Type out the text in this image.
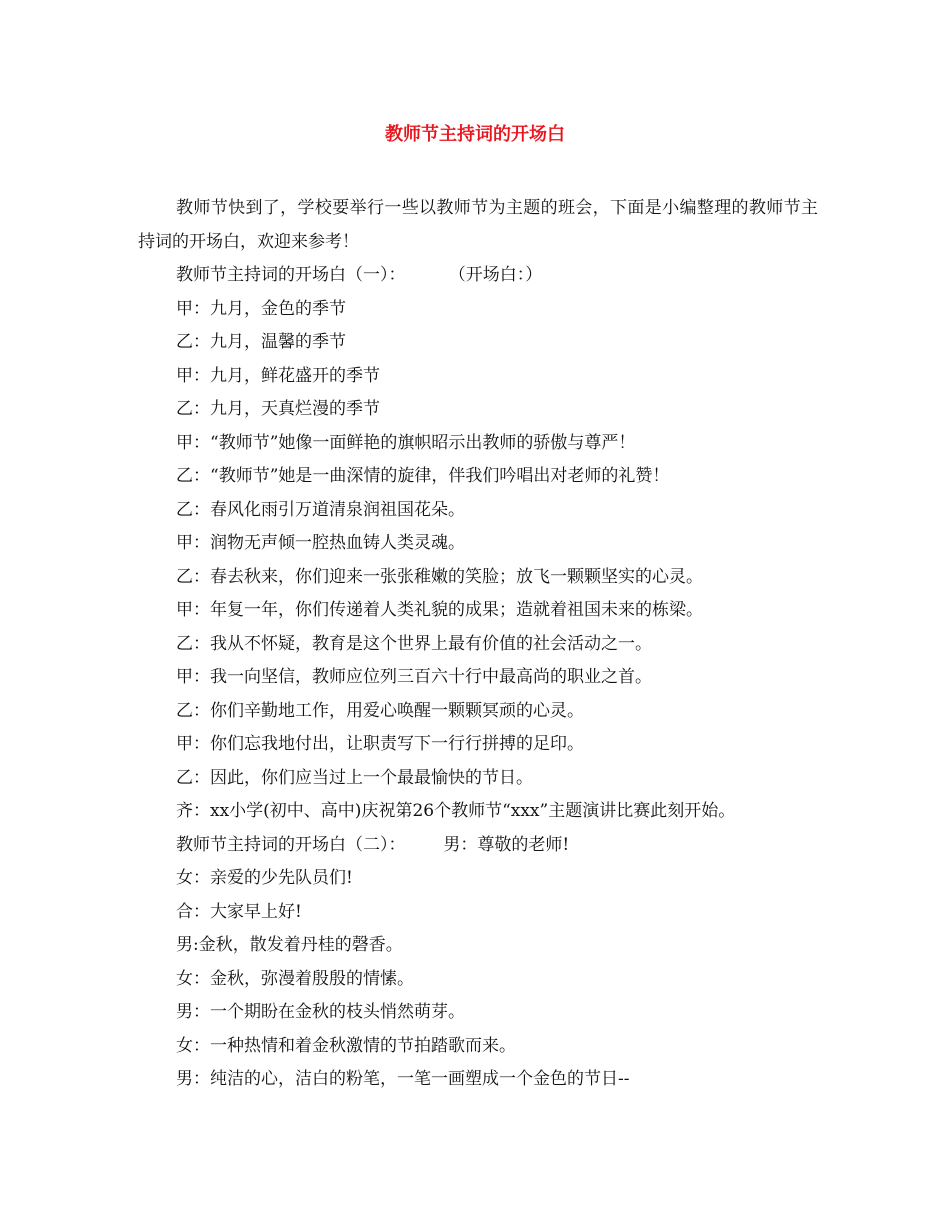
教师节主持词的开场白

教师节快到了，学校要举行一些以教师节为主题的班会，下面是小编整理的教师节主持词的开场白，欢迎来参考！

教师节主持词的开场白（一）：        （开场白：）
甲：九月，金色的季节
乙：九月，温馨的季节
甲：九月，鲜花盛开的季节
乙：九月，天真烂漫的季节
甲：“教师节”她像一面鲜艳的旗帜昭示出教师的骄傲与尊严！
乙：“教师节”她是一曲深情的旋律，伴我们吟唱出对老师的礼赞！
乙：春风化雨引万道清泉润祖国花朵。
甲：润物无声倾一腔热血铸人类灵魂。
乙：春去秋来，你们迎来一张张稚嫩的笑脸；放飞一颗颗坚实的心灵。
甲：年复一年，你们传递着人类礼貌的成果；造就着祖国未来的栋梁。
乙：我从不怀疑，教育是这个世界上最有价值的社会活动之一。
甲：我一向坚信，教师应位列三百六十行中最高尚的职业之首。
乙：你们辛勤地工作，用爱心唤醒一颗颗冥顽的心灵。
甲：你们忘我地付出，让职责写下一行行拼搏的足印。
乙：因此，你们应当过上一个最最愉快的节日。
齐：xx小学(初中、高中)庆祝第26个教师节“xxx”主题演讲比赛此刻开始。
教师节主持词的开场白（二）：       男：尊敬的老师!
女：亲爱的少先队员们!
合：大家早上好!
男:金秋，散发着丹桂的磬香。
女：金秋，弥漫着殷殷的情愫。
男：一个期盼在金秋的枝头悄然萌芽。
女：一种热情和着金秋激情的节拍踏歌而来。
男：纯洁的心，洁白的粉笔，一笔一画塑成一个金色的节日--
